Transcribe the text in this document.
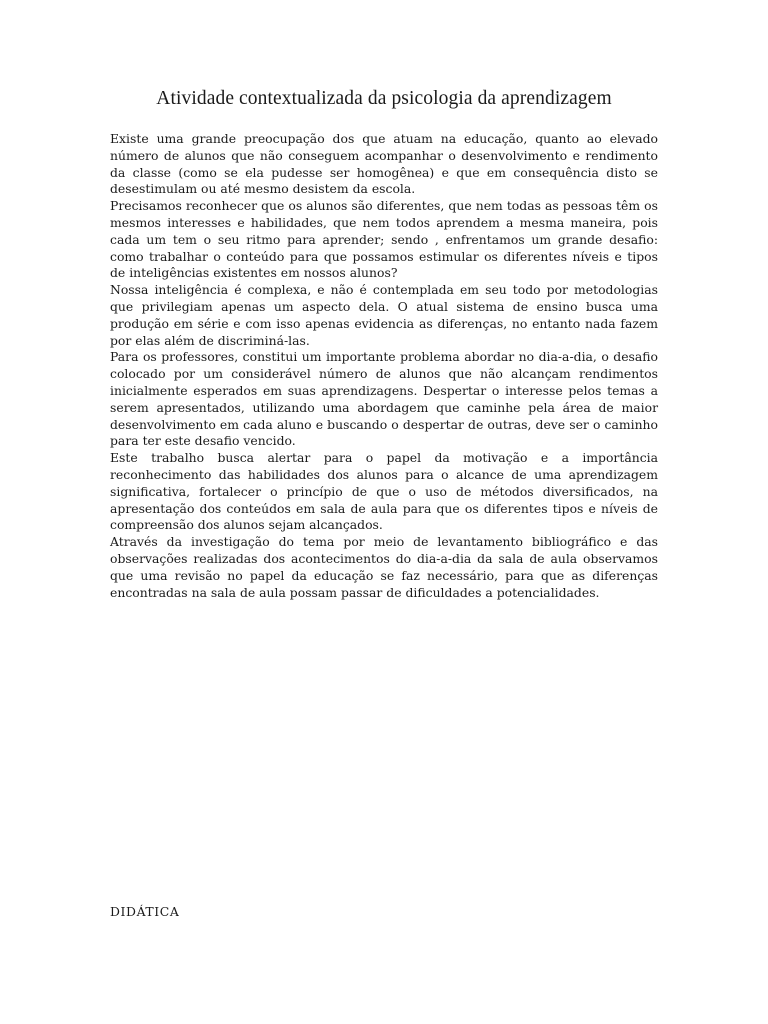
Atividade contextualizada da psicologia da aprendizagem

Existe uma grande preocupação dos que atuam na educação, quanto ao elevado número de alunos que não conseguem acompanhar o desenvolvimento e rendimento da classe (como se ela pudesse ser homogênea) e que em consequência disto se desestimulam ou até mesmo desistem da escola.

Precisamos reconhecer que os alunos são diferentes, que nem todas as pessoas têm os mesmos interesses e habilidades, que nem todos aprendem a mesma maneira, pois cada um tem o seu ritmo para aprender; sendo , enfrentamos um grande desafio: como trabalhar o conteúdo para que possamos estimular os diferentes níveis e tipos de inteligências existentes em nossos alunos?

Nossa inteligência é complexa, e não é contemplada em seu todo por metodologias que privilegiam apenas um aspecto dela. O atual sistema de ensino busca uma produção em série e com isso apenas evidencia as diferenças, no entanto nada fazem por elas além de discriminá-las.

Para os professores, constitui um importante problema abordar no dia-a-dia, o desafio colocado por um considerável número de alunos que não alcançam rendimentos inicialmente esperados em suas aprendizagens. Despertar o interesse pelos temas a serem apresentados, utilizando uma abordagem que caminhe pela área de maior desenvolvimento em cada aluno e buscando o despertar de outras, deve ser o caminho para ter este desafio vencido.

Este trabalho busca alertar para o papel da motivação e a importância reconhecimento das habilidades dos alunos para o alcance de uma aprendizagem significativa, fortalecer o princípio de que o uso de métodos diversificados, na apresentação dos conteúdos em sala de aula para que os diferentes tipos e níveis de compreensão dos alunos sejam alcançados.

Através da investigação do tema por meio de levantamento bibliográfico e das observações realizadas dos acontecimentos do dia-a-dia da sala de aula observamos que uma revisão no papel da educação se faz necessário, para que as diferenças encontradas na sala de aula possam passar de dificuldades a potencialidades.

DIDÁTICA
